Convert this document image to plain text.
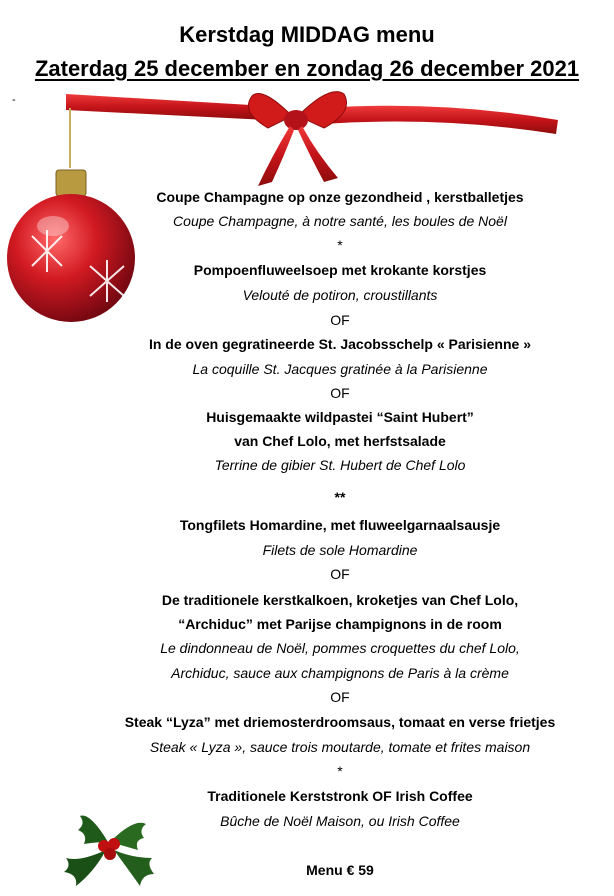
Kerstdag MIDDAG menu
Zaterdag 25 december en zondag 26 december 2021
-
Coupe Champagne op onze gezondheid , kerstballetjes
Coupe Champagne, à notre santé, les boules de Noël
*
Pompoenfluweelsoep met krokante korstjes
Velouté de potiron, croustillants
OF
In de oven gegratineerde St. Jacobsschelp « Parisienne »
La coquille St. Jacques gratinée à la Parisienne
OF
Huisgemaakte wildpastei “Saint Hubert”
van Chef Lolo, met herfstsalade
Terrine de gibier St. Hubert de Chef Lolo
**
Tongfilets Homardine, met fluweelgarnaalsausje
Filets de sole Homardine
OF
De traditionele kerstkalkoen, kroketjes van Chef Lolo,
“Archiduc” met Parijse champignons in de room
Le dindonneau de Noël, pommes croquettes du chef Lolo,
Archiduc, sauce aux champignons de Paris à la crème
OF
Steak “Lyza” met driemosterdroomsaus, tomaat en verse frietjes
Steak « Lyza », sauce trois moutarde, tomate et frites maison
*
Traditionele Kerststronk OF Irish Coffee
Bûche de Noël Maison, ou Irish Coffee
Menu € 59
